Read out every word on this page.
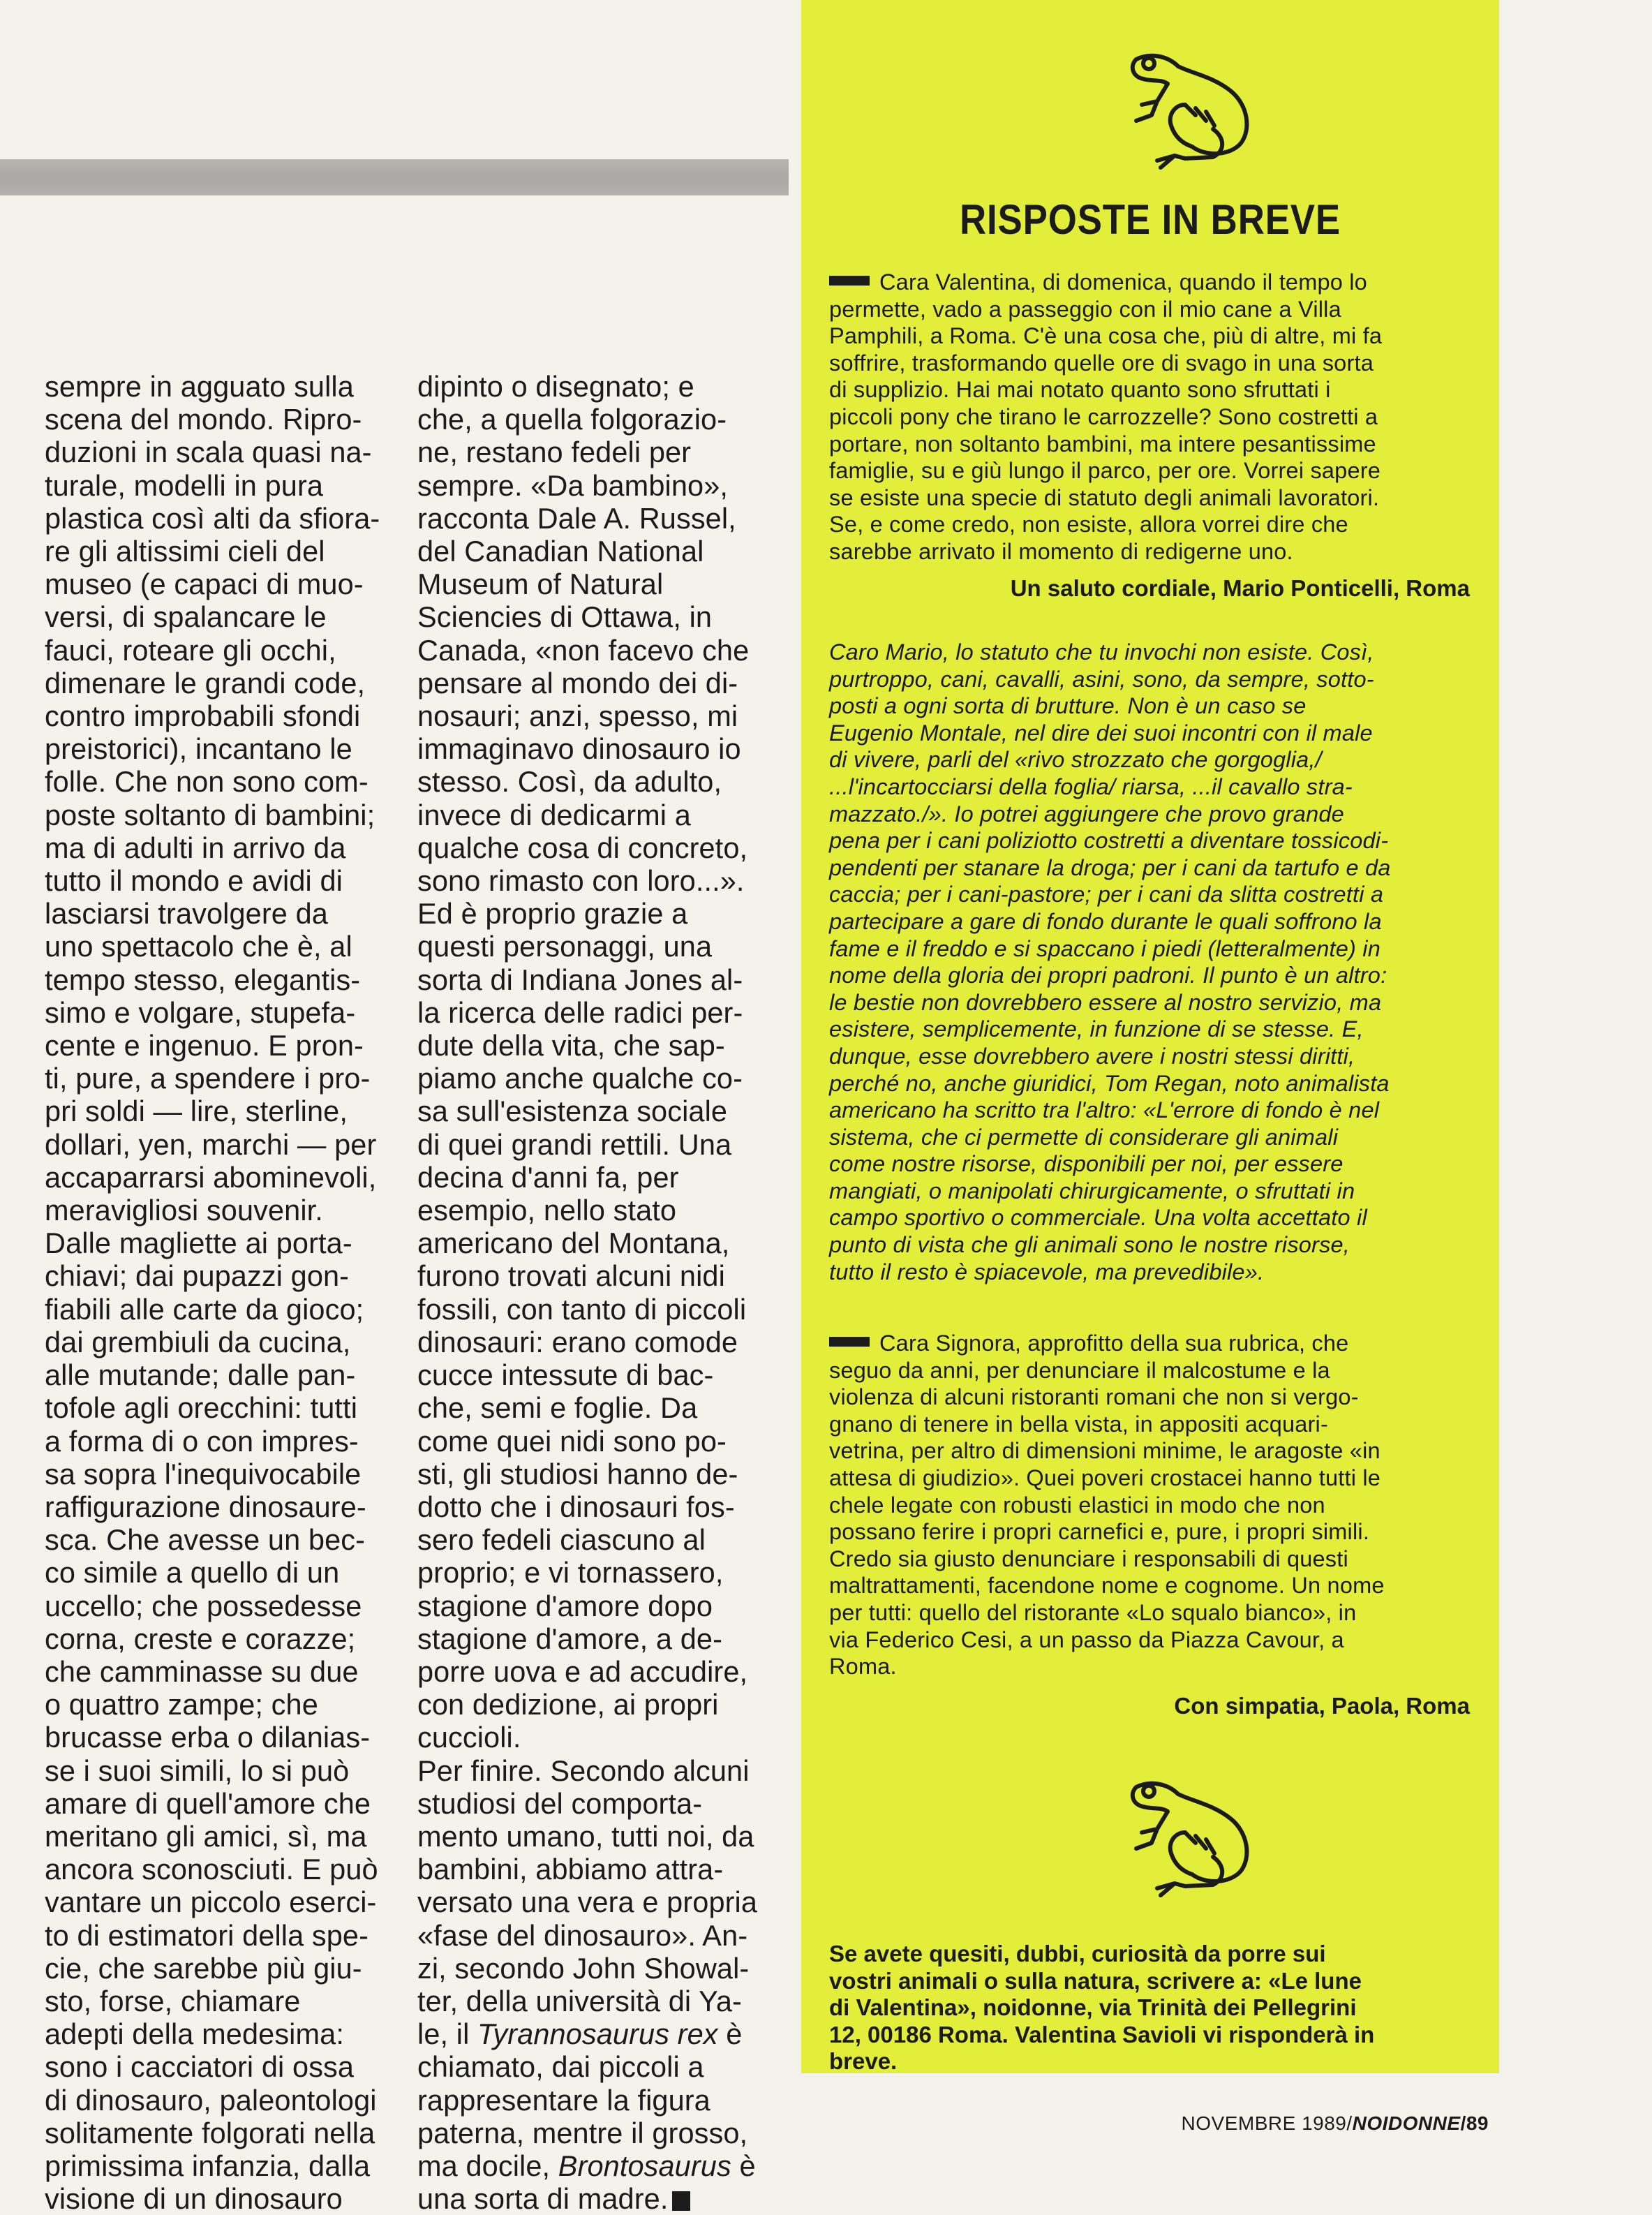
sempre in agguato sulla
scena del mondo. Ripro-
duzioni in scala quasi na-
turale, modelli in pura
plastica così alti da sfiora-
re gli altissimi cieli del
museo (e capaci di muo-
versi, di spalancare le
fauci, roteare gli occhi,
dimenare le grandi code,
contro improbabili sfondi
preistorici), incantano le
folle. Che non sono com-
poste soltanto di bambini;
ma di adulti in arrivo da
tutto il mondo e avidi di
lasciarsi travolgere da
uno spettacolo che è, al
tempo stesso, elegantis-
simo e volgare, stupefa-
cente e ingenuo. E pron-
ti, pure, a spendere i pro-
pri soldi — lire, sterline,
dollari, yen, marchi — per
accaparrarsi abominevoli,
meravigliosi souvenir.
Dalle magliette ai porta-
chiavi; dai pupazzi gon-
fiabili alle carte da gioco;
dai grembiuli da cucina,
alle mutande; dalle pan-
tofole agli orecchini: tutti
a forma di o con impres-
sa sopra l'inequivocabile
raffigurazione dinosaure-
sca. Che avesse un bec-
co simile a quello di un
uccello; che possedesse
corna, creste e corazze;
che camminasse su due
o quattro zampe; che
brucasse erba o dilanias-
se i suoi simili, lo si può
amare di quell'amore che
meritano gli amici, sì, ma
ancora sconosciuti. E può
vantare un piccolo eserci-
to di estimatori della spe-
cie, che sarebbe più giu-
sto, forse, chiamare
adepti della medesima:
sono i cacciatori di ossa
di dinosauro, paleontologi
solitamente folgorati nella
primissima infanzia, dalla
visione di un dinosauro

dipinto o disegnato; e
che, a quella folgorazio-
ne, restano fedeli per
sempre. «Da bambino»,
racconta Dale A. Russel,
del Canadian National
Museum of Natural
Sciencies di Ottawa, in
Canada, «non facevo che
pensare al mondo dei di-
nosauri; anzi, spesso, mi
immaginavo dinosauro io
stesso. Così, da adulto,
invece di dedicarmi a
qualche cosa di concreto,
sono rimasto con loro...».
Ed è proprio grazie a
questi personaggi, una
sorta di Indiana Jones al-
la ricerca delle radici per-
dute della vita, che sap-
piamo anche qualche co-
sa sull'esistenza sociale
di quei grandi rettili. Una
decina d'anni fa, per
esempio, nello stato
americano del Montana,
furono trovati alcuni nidi
fossili, con tanto di piccoli
dinosauri: erano comode
cucce intessute di bac-
che, semi e foglie. Da
come quei nidi sono po-
sti, gli studiosi hanno de-
dotto che i dinosauri fos-
sero fedeli ciascuno al
proprio; e vi tornassero,
stagione d'amore dopo
stagione d'amore, a de-
porre uova e ad accudire,
con dedizione, ai propri
cuccioli.
Per finire. Secondo alcuni
studiosi del comporta-
mento umano, tutti noi, da
bambini, abbiamo attra-
versato una vera e propria
«fase del dinosauro». An-
zi, secondo John Showal-
ter, della università di Ya-
le, il Tyrannosaurus rex è
chiamato, dai piccoli a
rappresentare la figura
paterna, mentre il grosso,
ma docile, Brontosaurus è
una sorta di madre.

RISPOSTE IN BREVE

Cara Valentina, di domenica, quando il tempo lo
permette, vado a passeggio con il mio cane a Villa
Pamphili, a Roma. C'è una cosa che, più di altre, mi fa
soffrire, trasformando quelle ore di svago in una sorta
di supplizio. Hai mai notato quanto sono sfruttati i
piccoli pony che tirano le carrozzelle? Sono costretti a
portare, non soltanto bambini, ma intere pesantissime
famiglie, su e giù lungo il parco, per ore. Vorrei sapere
se esiste una specie di statuto degli animali lavoratori.
Se, e come credo, non esiste, allora vorrei dire che
sarebbe arrivato il momento di redigerne uno.

Un saluto cordiale, Mario Ponticelli, Roma

Caro Mario, lo statuto che tu invochi non esiste. Così,
purtroppo, cani, cavalli, asini, sono, da sempre, sotto-
posti a ogni sorta di brutture. Non è un caso se
Eugenio Montale, nel dire dei suoi incontri con il male
di vivere, parli del «rivo strozzato che gorgoglia,/
...l'incartocciarsi della foglia/ riarsa, ...il cavallo stra-
mazzato./». Io potrei aggiungere che provo grande
pena per i cani poliziotto costretti a diventare tossicodi-
pendenti per stanare la droga; per i cani da tartufo e da
caccia; per i cani-pastore; per i cani da slitta costretti a
partecipare a gare di fondo durante le quali soffrono la
fame e il freddo e si spaccano i piedi (letteralmente) in
nome della gloria dei propri padroni. Il punto è un altro:
le bestie non dovrebbero essere al nostro servizio, ma
esistere, semplicemente, in funzione di se stesse. E,
dunque, esse dovrebbero avere i nostri stessi diritti,
perché no, anche giuridici, Tom Regan, noto animalista
americano ha scritto tra l'altro: «L'errore di fondo è nel
sistema, che ci permette di considerare gli animali
come nostre risorse, disponibili per noi, per essere
mangiati, o manipolati chirurgicamente, o sfruttati in
campo sportivo o commerciale. Una volta accettato il
punto di vista che gli animali sono le nostre risorse,
tutto il resto è spiacevole, ma prevedibile».

Cara Signora, approfitto della sua rubrica, che
seguo da anni, per denunciare il malcostume e la
violenza di alcuni ristoranti romani che non si vergo-
gnano di tenere in bella vista, in appositi acquari-
vetrina, per altro di dimensioni minime, le aragoste «in
attesa di giudizio». Quei poveri crostacei hanno tutti le
chele legate con robusti elastici in modo che non
possano ferire i propri carnefici e, pure, i propri simili.
Credo sia giusto denunciare i responsabili di questi
maltrattamenti, facendone nome e cognome. Un nome
per tutti: quello del ristorante «Lo squalo bianco», in
via Federico Cesi, a un passo da Piazza Cavour, a
Roma.

Con simpatia, Paola, Roma

Se avete quesiti, dubbi, curiosità da porre sui
vostri animali o sulla natura, scrivere a: «Le lune
di Valentina», noidonne, via Trinità dei Pellegrini
12, 00186 Roma. Valentina Savioli vi risponderà in
breve.

NOVEMBRE 1989/NOIDONNE/89
